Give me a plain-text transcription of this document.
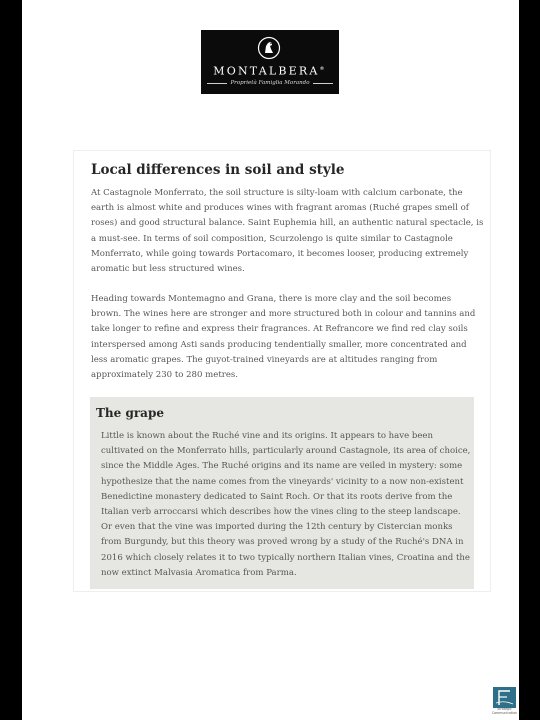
MONTALBERA®
Proprietà Famiglia Morando
Local differences in soil and style

At Castagnole Monferrato, the soil structure is silty-loam with calcium carbonate, the
earth is almost white and produces wines with fragrant aromas (Ruché grapes smell of
roses) and good structural balance. Saint Euphemia hill, an authentic natural spectacle, is
a must-see. In terms of soil composition, Scurzolengo is quite similar to Castagnole
Monferrato, while going towards Portacomaro, it becomes looser, producing extremely
aromatic but less structured wines.

Heading towards Montemagno and Grana, there is more clay and the soil becomes
brown. The wines here are stronger and more structured both in colour and tannins and
take longer to refine and express their fragrances. At Refrancore we find red clay soils
interspersed among Asti sands producing tendentially smaller, more concentrated and
less aromatic grapes. The guyot-trained vineyards are at altitudes ranging from
approximately 230 to 280 metres.

The grape

Little is known about the Ruché vine and its origins. It appears to have been
cultivated on the Monferrato hills, particularly around Castagnole, its area of choice,
since the Middle Ages. The Ruché origins and its name are veiled in mystery: some
hypothesize that the name comes from the vineyards' vicinity to a now non-existent
Benedictine monastery dedicated to Saint Roch. Or that its roots derive from the
Italian verb arroccarsi which describes how the vines cling to the steep landscape.
Or even that the vine was imported during the 12th century by Cistercian monks
from Burgundy, but this theory was proved wrong by a study of the Ruché's DNA in
2016 which closely relates it to two typically northern Italian vines, Croatina and the
now extinct Malvasia Aromatica from Parma.

Strategic
Communication
